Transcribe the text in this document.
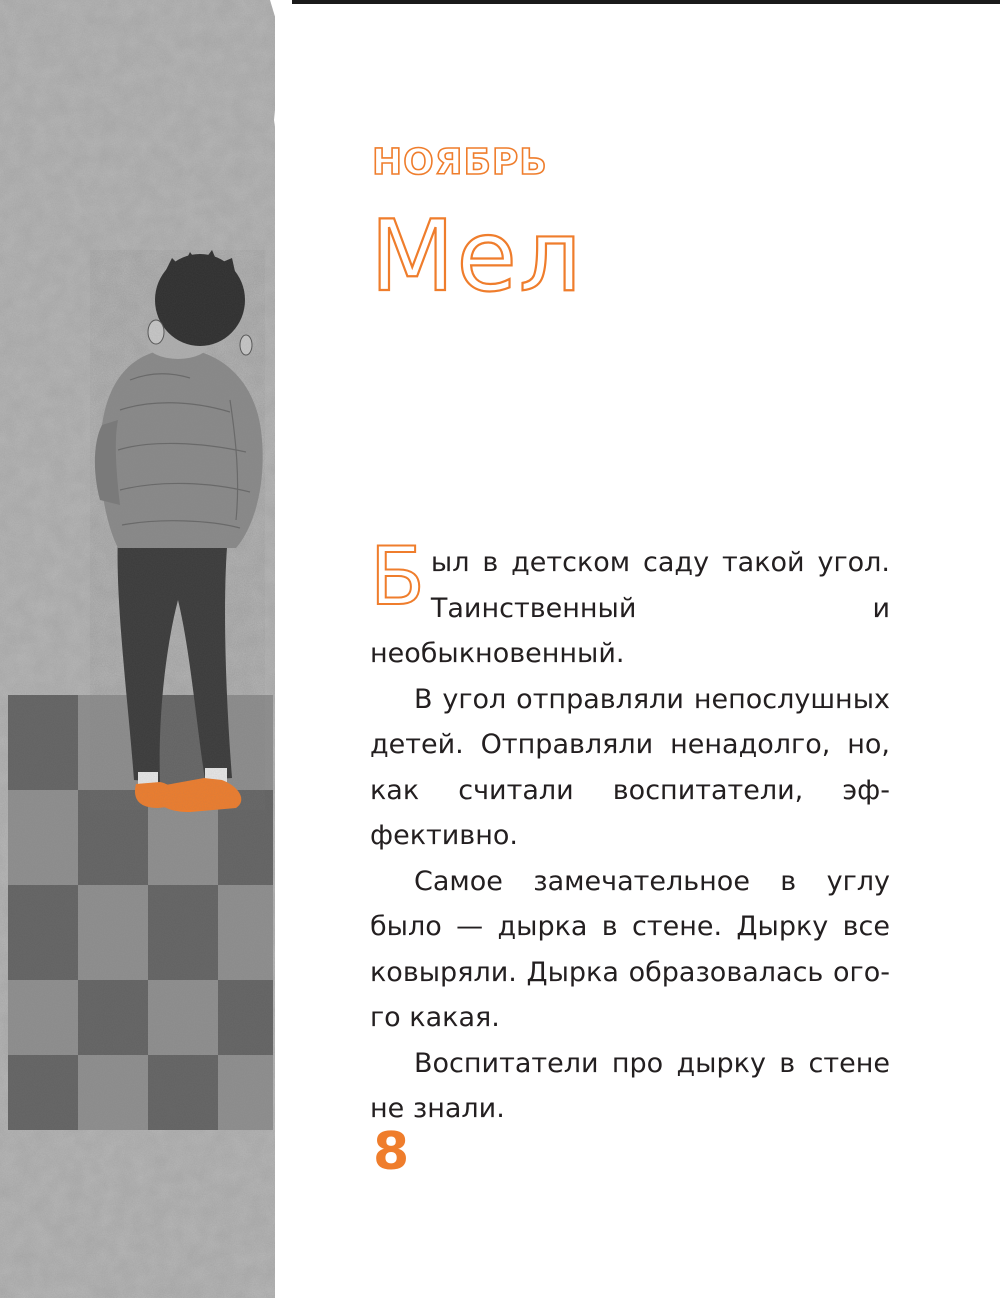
НОЯБРЬ
Мел

Был в детском саду такой угол. Таинственный и необыкновенный.

В угол отправляли непослушных детей. Отправляли ненадолго, но, как считали воспитатели, эффективно.

Самое замечательное в углу было — дырка в стене. Дырку все ковыряли. Дырка образовалась ого-го какая.

Воспитатели про дырку в стене не знали.

8
